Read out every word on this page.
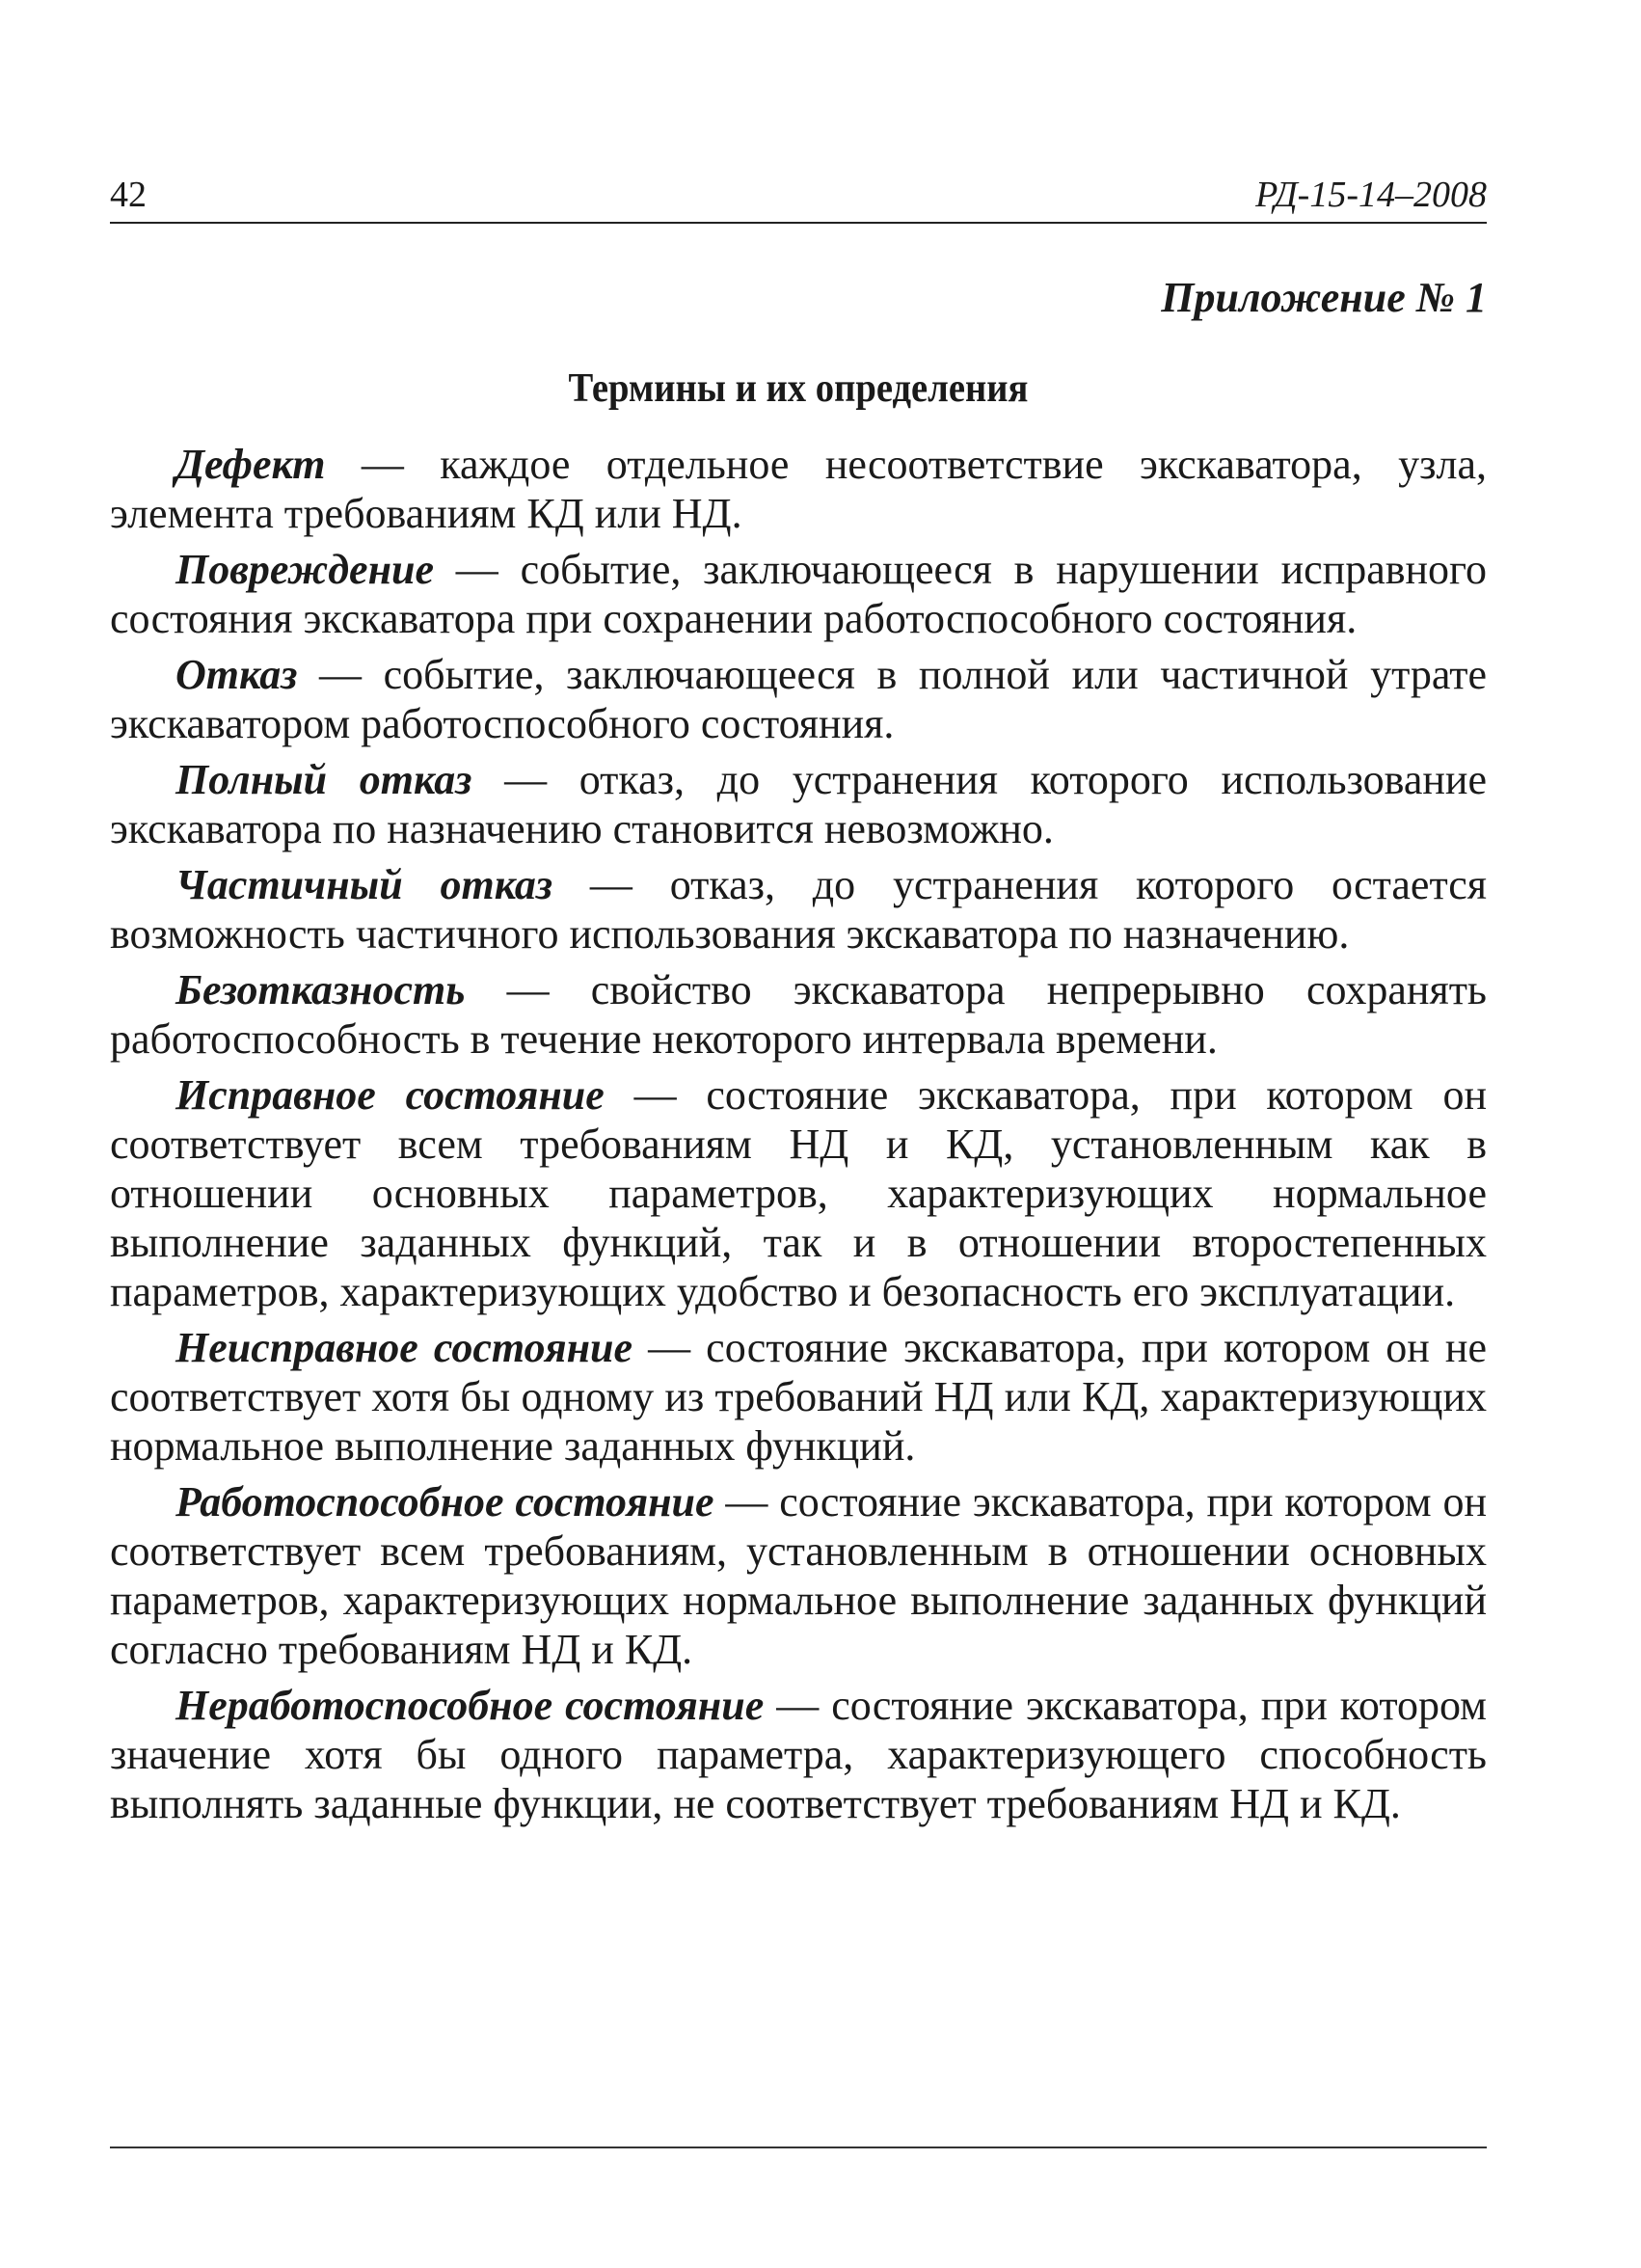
42	РД-15-14–2008
Приложение № 1
Термины и их определения

Дефект — каждое отдельное несоответствие экскаватора, узла, элемента требованиям КД или НД.

Повреждение — событие, заключающееся в нарушении исправного состояния экскаватора при сохранении работоспособного состояния.

Отказ — событие, заключающееся в полной или частичной утрате экскаватором работоспособного состояния.

Полный отказ — отказ, до устранения которого использование экскаватора по назначению становится невозможно.

Частичный отказ — отказ, до устранения которого остается возможность частичного использования экскаватора по назначению.

Безотказность — свойство экскаватора непрерывно сохранять работоспособность в течение некоторого интервала времени.

Исправное состояние — состояние экскаватора, при котором он соответствует всем требованиям НД и КД, установленным как в отношении основных параметров, характеризующих нормальное выполнение заданных функций, так и в отношении второстепенных параметров, характеризующих удобство и безопасность его эксплуатации.

Неисправное состояние — состояние экскаватора, при котором он не соответствует хотя бы одному из требований НД или КД, характеризующих нормальное выполнение заданных функций.

Работоспособное состояние — состояние экскаватора, при котором он соответствует всем требованиям, установленным в отношении основных параметров, характеризующих нормальное выполнение заданных функций согласно требованиям НД и КД.

Неработоспособное состояние — состояние экскаватора, при котором значение хотя бы одного параметра, характеризующего способность выполнять заданные функции, не соответствует требованиям НД и КД.
